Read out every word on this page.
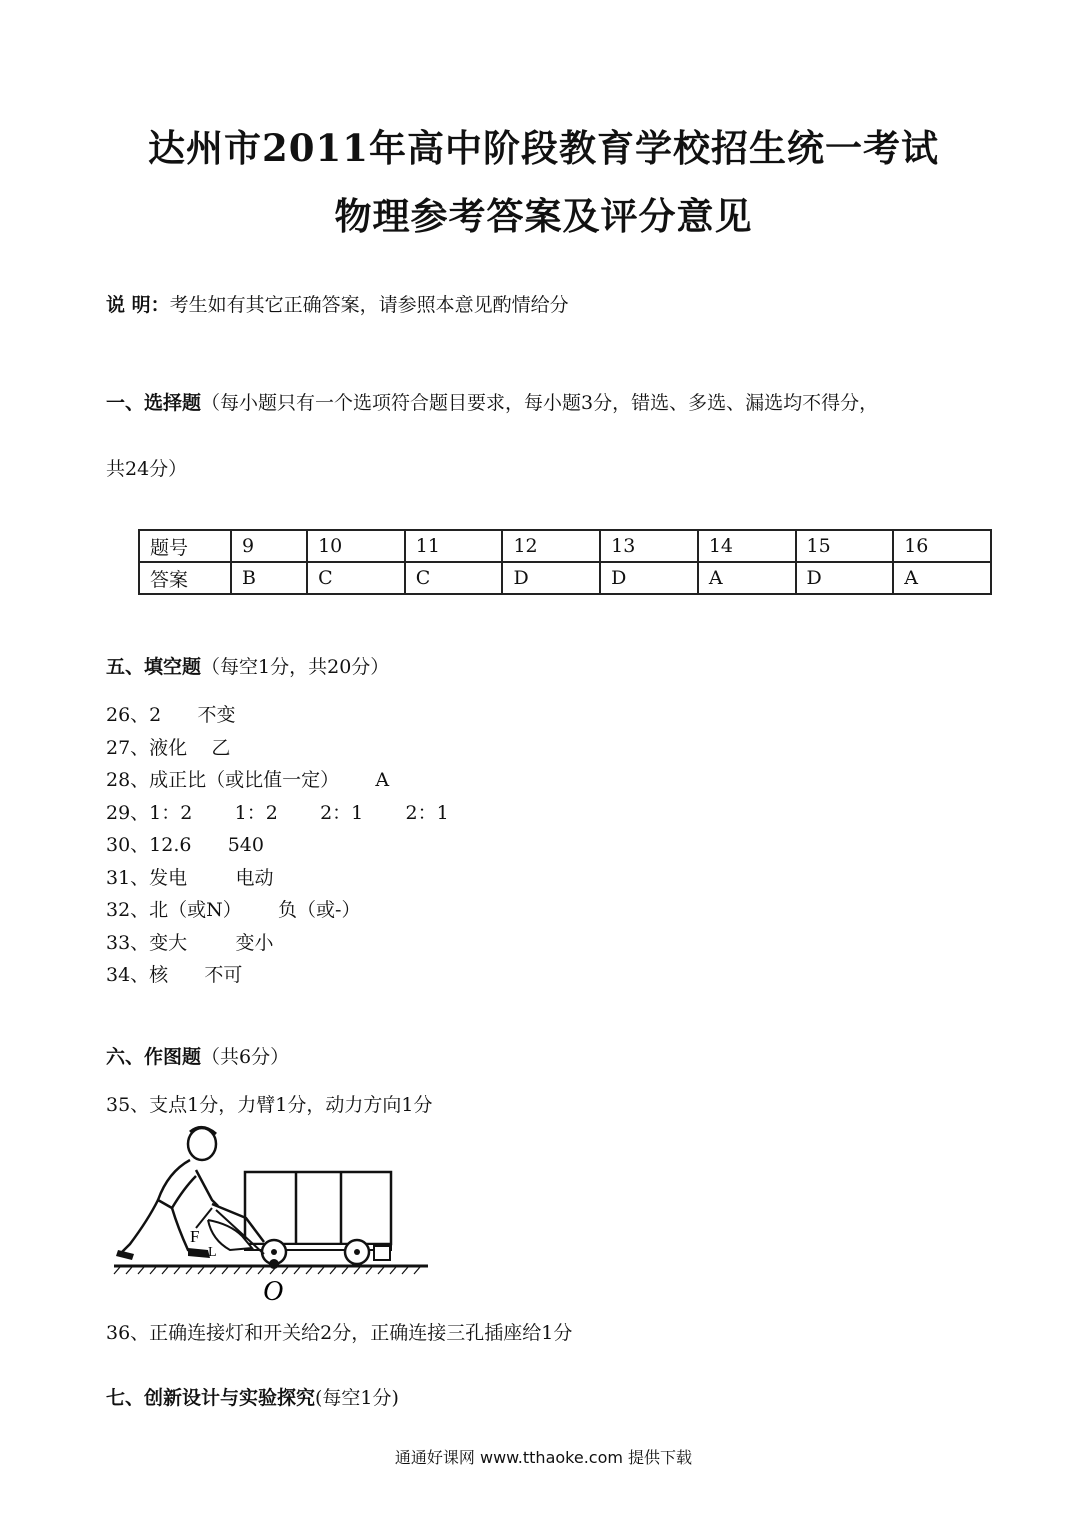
达州市2011年高中阶段教育学校招生统一考试
物理参考答案及评分意见
说 明：考生如有其它正确答案，请参照本意见酌情给分
一、选择题（每小题只有一个选项符合题目要求，每小题3分，错选、多选、漏选均不得分，
共24分）
题号	9	10	11	12	13	14	15	16
答案	B	C	C	D	D	A	D	A
五、填空题（每空1分，共20分）
26、2      不变
27、液化    乙
28、成正比（或比值一定）      A
29、1：2       1：2       2：1       2：1
30、12.6      540
31、发电        电动
32、北（或N）      负（或-）
33、变大        变小
34、核      不可
六、作图题（共6分）
35、支点1分，力臂1分，动力方向1分
F
L
O
36、正确连接灯和开关给2分，正确连接三孔插座给1分
七、创新设计与实验探究(每空1分)
通通好课网 www.tthaoke.com 提供下载
